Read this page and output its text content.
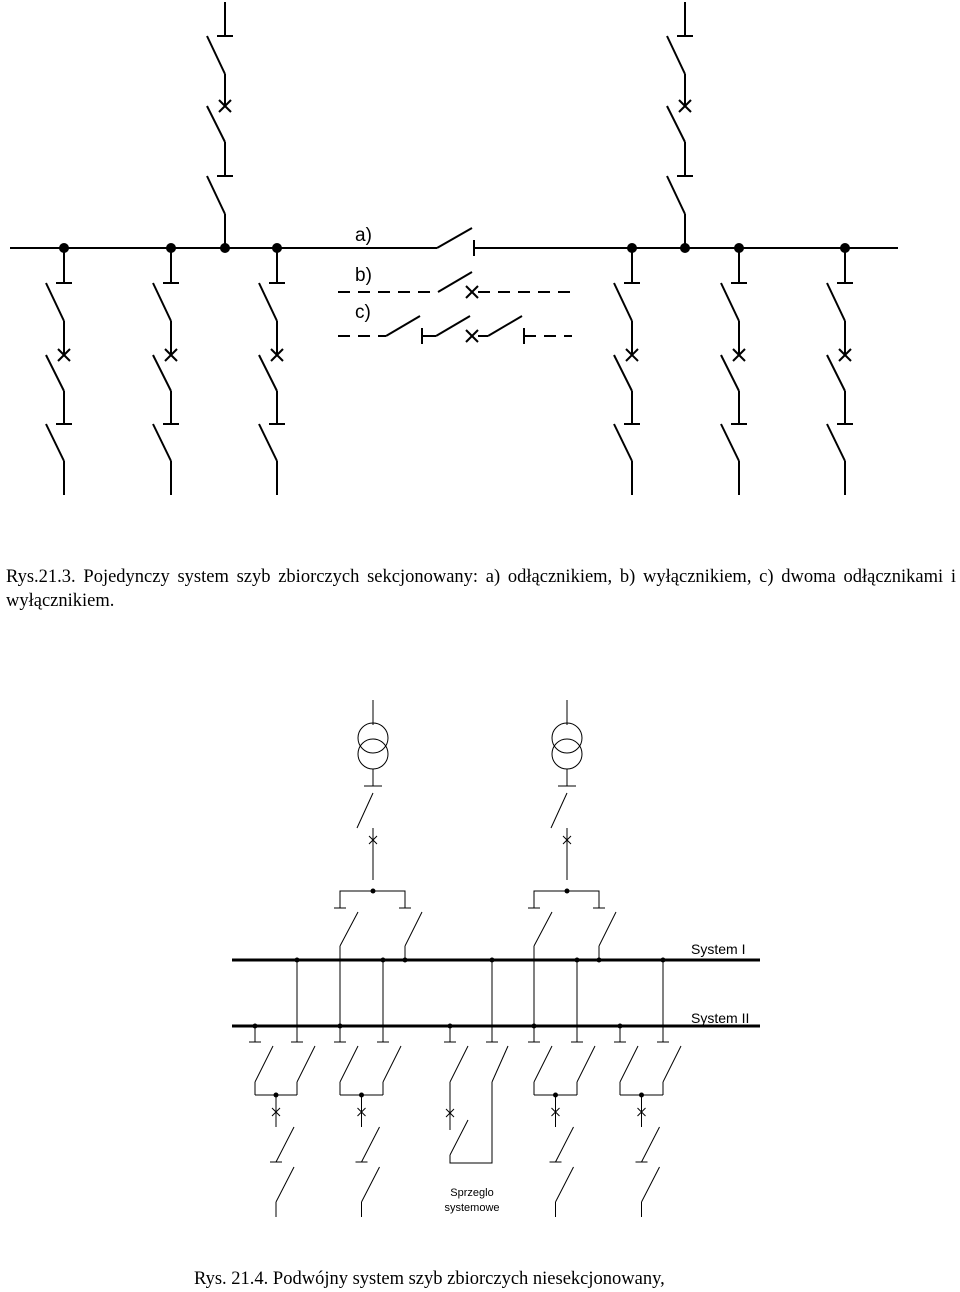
a)
b)
c)
Rys.21.3. Pojedynczy system szyb zbiorczych sekcjonowany: a) odłącznikiem, b) wyłącznikiem, c) dwoma odłącznikami i wyłącznikiem.
System I
System II
Sprzeglo
systemowe
Rys. 21.4. Podwójny system szyb zbiorczych niesekcjonowany,
